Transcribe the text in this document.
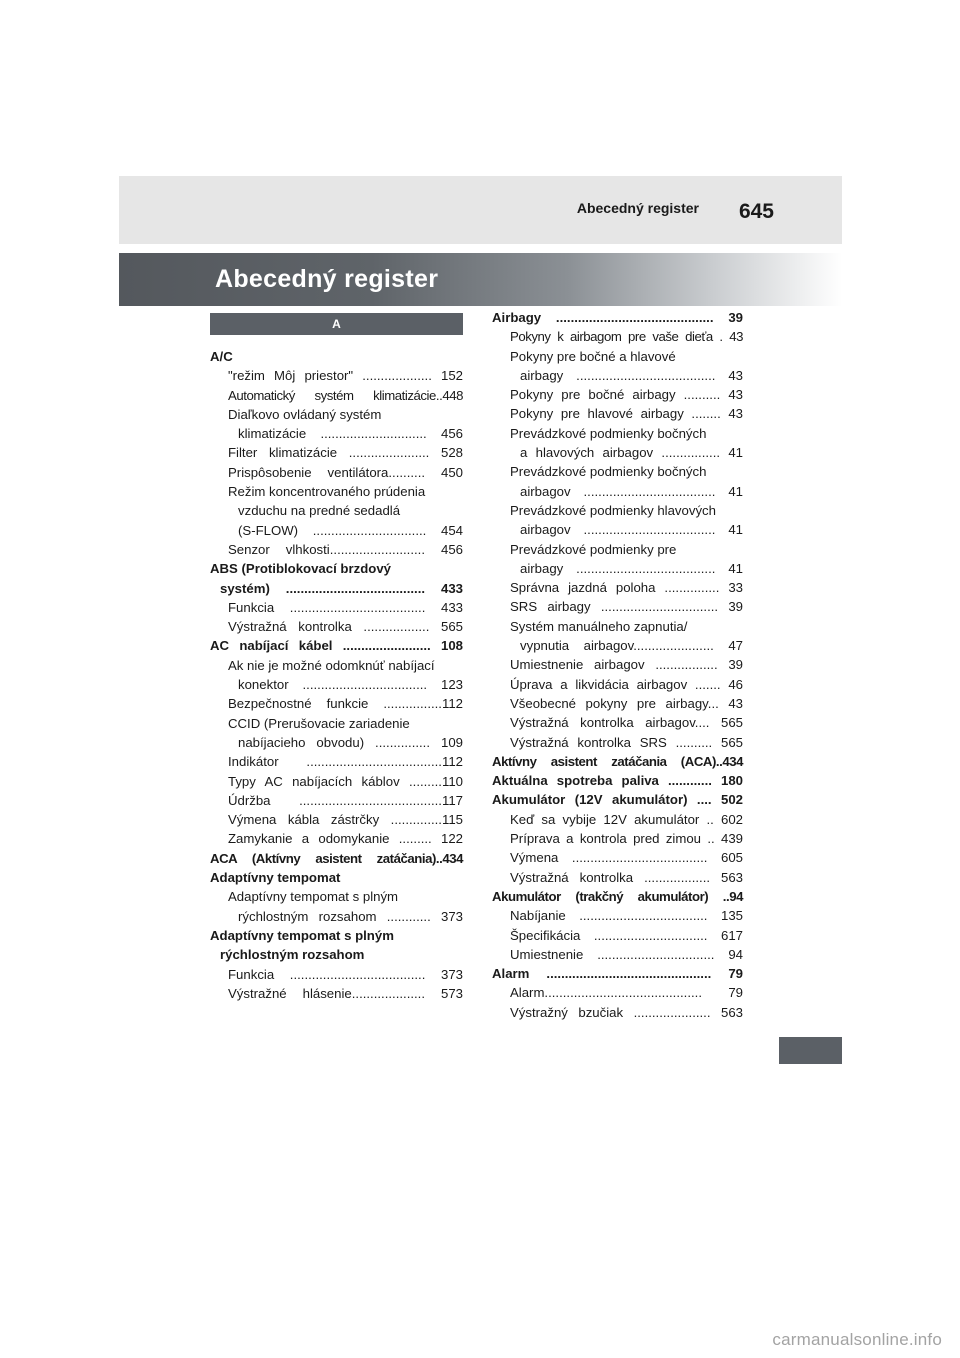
Abecedný register 645
Abecedný register
A
A/C
"režim Môj priestor" ................... 152
Automatický systém klimatizácie..448
Diaľkovo ovládaný systém
klimatizácie ............................. 456
Filter klimatizácie ...................... 528
Prispôsobenie ventilátora.......... 450
Režim koncentrovaného prúdenia
vzduchu na predné sedadlá
(S-FLOW) ............................... 454
Senzor vlhkosti.......................... 456
ABS (Protiblokovací brzdový
systém) ...................................... 433
Funkcia ..................................... 433
Výstražná kontrolka .................. 565
AC nabíjací kábel ........................ 108
Ak nie je možné odomknúť nabíjací
konektor .................................. 123
Bezpečnostné funkcie ................112
CCID (Prerušovacie zariadenie
nabíjacieho obvodu) ............... 109
Indikátor .....................................112
Typy AC nabíjacích káblov .........110
Údržba .......................................117
Výmena kábla zástrčky ..............115
Zamykanie a odomykanie ......... 122
ACA (Aktívny asistent zatáčania)..434
Adaptívny tempomat
Adaptívny tempomat s plným
rýchlostným rozsahom ............ 373
Adaptívny tempomat s plným
rýchlostným rozsahom
Funkcia ..................................... 373
Výstražné hlásenie.................... 573
Airbagy ........................................... 39
Pokyny k airbagom pre vaše dieťa . 43
Pokyny pre bočné a hlavové
airbagy ...................................... 43
Pokyny pre bočné airbagy .......... 43
Pokyny pre hlavové airbagy ........ 43
Prevádzkové podmienky bočných
a hlavových airbagov ................ 41
Prevádzkové podmienky bočných
airbagov .................................... 41
Prevádzkové podmienky hlavových
airbagov .................................... 41
Prevádzkové podmienky pre
airbagy ...................................... 41
Správna jazdná poloha ............... 33
SRS airbagy ................................ 39
Systém manuálneho zapnutia/
vypnutia airbagov...................... 47
Umiestnenie airbagov ................. 39
Úprava a likvidácia airbagov ....... 46
Všeobecné pokyny pre airbagy... 43
Výstražná kontrolka airbagov.... 565
Výstražná kontrolka SRS .......... 565
Aktívny asistent zatáčania (ACA)..434
Aktuálna spotreba paliva ............ 180
Akumulátor (12V akumulátor) .... 502
Keď sa vybije 12V akumulátor .. 602
Príprava a kontrola pred zimou .. 439
Výmena ..................................... 605
Výstražná kontrolka .................. 563
Akumulátor (trakčný akumulátor) ..94
Nabíjanie ................................... 135
Špecifikácia ............................... 617
Umiestnenie ................................ 94
Alarm ............................................. 79
Alarm........................................... 79
Výstražný bzučiak ..................... 563
carmanualsonline.info
